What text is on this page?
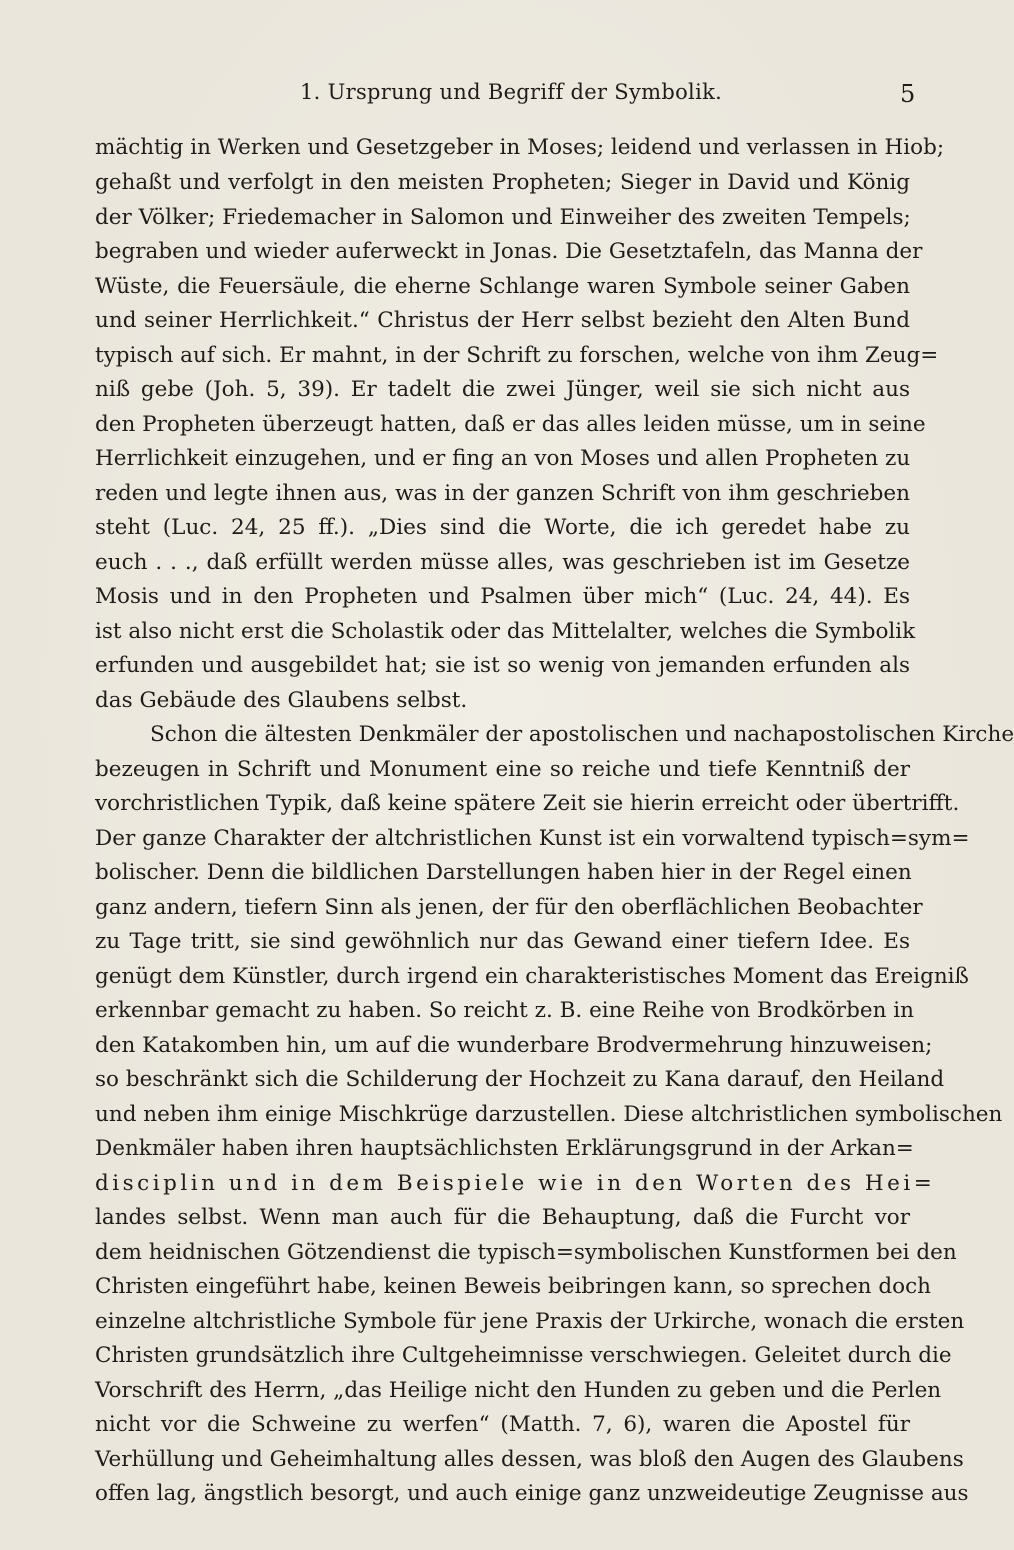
1. Ursprung und Begriff der Symbolik.	5
mächtig in Werken und Gesetzgeber in Moses; leidend und verlassen in Hiob;
gehaßt und verfolgt in den meisten Propheten; Sieger in David und König
der Völker; Friedemacher in Salomon und Einweiher des zweiten Tempels;
begraben und wieder auferweckt in Jonas. Die Gesetztafeln, das Manna der
Wüste, die Feuersäule, die eherne Schlange waren Symbole seiner Gaben
und seiner Herrlichkeit.“ Christus der Herr selbst bezieht den Alten Bund
typisch auf sich. Er mahnt, in der Schrift zu forschen, welche von ihm Zeug=
niß gebe (Joh. 5, 39). Er tadelt die zwei Jünger, weil sie sich nicht aus
den Propheten überzeugt hatten, daß er das alles leiden müsse, um in seine
Herrlichkeit einzugehen, und er fing an von Moses und allen Propheten zu
reden und legte ihnen aus, was in der ganzen Schrift von ihm geschrieben
steht (Luc. 24, 25 ff.). „Dies sind die Worte, die ich geredet habe zu
euch . . ., daß erfüllt werden müsse alles, was geschrieben ist im Gesetze
Mosis und in den Propheten und Psalmen über mich“ (Luc. 24, 44). Es
ist also nicht erst die Scholastik oder das Mittelalter, welches die Symbolik
erfunden und ausgebildet hat; sie ist so wenig von jemanden erfunden als
das Gebäude des Glaubens selbst.
Schon die ältesten Denkmäler der apostolischen und nachapostolischen Kirche
bezeugen in Schrift und Monument eine so reiche und tiefe Kenntniß der
vorchristlichen Typik, daß keine spätere Zeit sie hierin erreicht oder übertrifft.
Der ganze Charakter der altchristlichen Kunst ist ein vorwaltend typisch=sym=
bolischer. Denn die bildlichen Darstellungen haben hier in der Regel einen
ganz andern, tiefern Sinn als jenen, der für den oberflächlichen Beobachter
zu Tage tritt, sie sind gewöhnlich nur das Gewand einer tiefern Idee. Es
genügt dem Künstler, durch irgend ein charakteristisches Moment das Ereigniß
erkennbar gemacht zu haben. So reicht z. B. eine Reihe von Brodkörben in
den Katakomben hin, um auf die wunderbare Brodvermehrung hinzuweisen;
so beschränkt sich die Schilderung der Hochzeit zu Kana darauf, den Heiland
und neben ihm einige Mischkrüge darzustellen. Diese altchristlichen symbolischen
Denkmäler haben ihren hauptsächlichsten Erklärungsgrund in der Arkan=
disciplin und in dem Beispiele wie in den Worten des Hei=
landes selbst. Wenn man auch für die Behauptung, daß die Furcht vor
dem heidnischen Götzendienst die typisch=symbolischen Kunstformen bei den
Christen eingeführt habe, keinen Beweis beibringen kann, so sprechen doch
einzelne altchristliche Symbole für jene Praxis der Urkirche, wonach die ersten
Christen grundsätzlich ihre Cultgeheimnisse verschwiegen. Geleitet durch die
Vorschrift des Herrn, „das Heilige nicht den Hunden zu geben und die Perlen
nicht vor die Schweine zu werfen“ (Matth. 7, 6), waren die Apostel für
Verhüllung und Geheimhaltung alles dessen, was bloß den Augen des Glaubens
offen lag, ängstlich besorgt, und auch einige ganz unzweideutige Zeugnisse aus
